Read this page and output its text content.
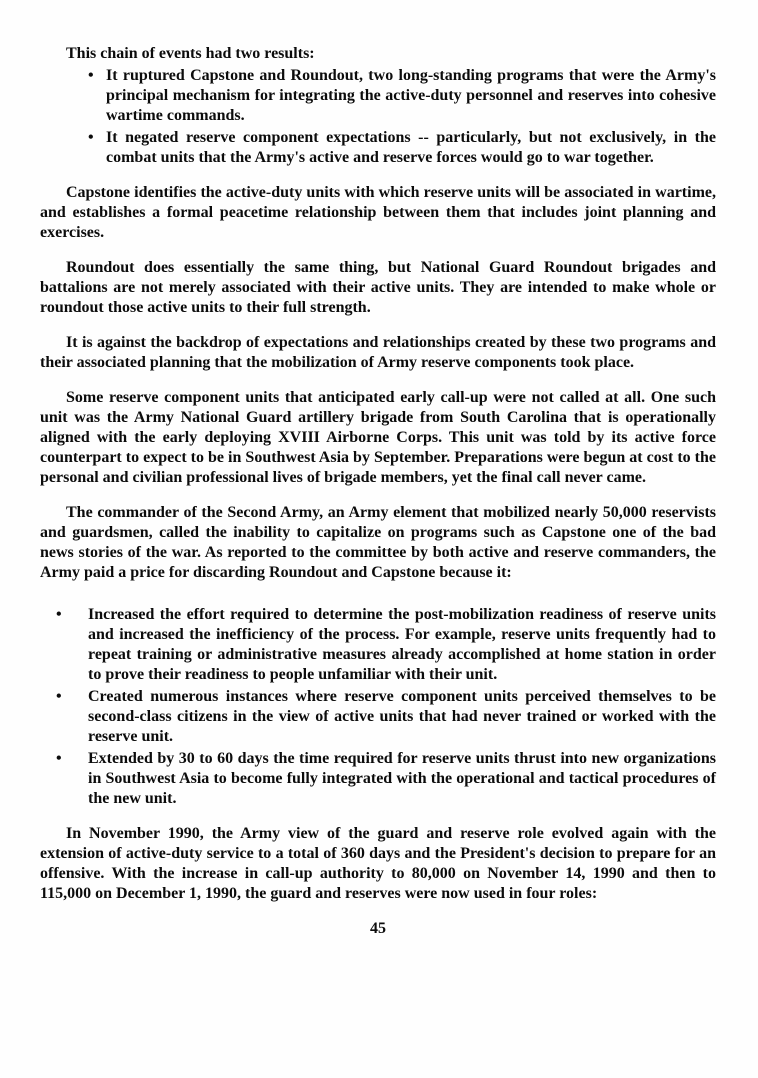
This chain of events had two results:

• It ruptured Capstone and Roundout, two long-standing programs that were the Army's principal mechanism for integrating the active-duty personnel and reserves into cohesive wartime commands.
• It negated reserve component expectations -- particularly, but not exclusively, in the combat units that the Army's active and reserve forces would go to war together.

Capstone identifies the active-duty units with which reserve units will be associated in wartime, and establishes a formal peacetime relationship between them that includes joint planning and exercises.

Roundout does essentially the same thing, but National Guard Roundout brigades and battalions are not merely associated with their active units. They are intended to make whole or roundout those active units to their full strength.

It is against the backdrop of expectations and relationships created by these two programs and their associated planning that the mobilization of Army reserve components took place.

Some reserve component units that anticipated early call-up were not called at all. One such unit was the Army National Guard artillery brigade from South Carolina that is operationally aligned with the early deploying XVIII Airborne Corps. This unit was told by its active force counterpart to expect to be in Southwest Asia by September. Preparations were begun at cost to the personal and civilian professional lives of brigade members, yet the final call never came.

The commander of the Second Army, an Army element that mobilized nearly 50,000 reservists and guardsmen, called the inability to capitalize on programs such as Capstone one of the bad news stories of the war. As reported to the committee by both active and reserve commanders, the Army paid a price for discarding Roundout and Capstone because it:

•	Increased the effort required to determine the post-mobilization readiness of reserve units and increased the inefficiency of the process. For example, reserve units frequently had to repeat training or administrative measures already accomplished at home station in order to prove their readiness to people unfamiliar with their unit.
•	Created numerous instances where reserve component units perceived themselves to be second-class citizens in the view of active units that had never trained or worked with the reserve unit.
•	Extended by 30 to 60 days the time required for reserve units thrust into new organizations in Southwest Asia to become fully integrated with the operational and tactical procedures of the new unit.

In November 1990, the Army view of the guard and reserve role evolved again with the extension of active-duty service to a total of 360 days and the President's decision to prepare for an offensive. With the increase in call-up authority to 80,000 on November 14, 1990 and then to 115,000 on December 1, 1990, the guard and reserves were now used in four roles:

45
